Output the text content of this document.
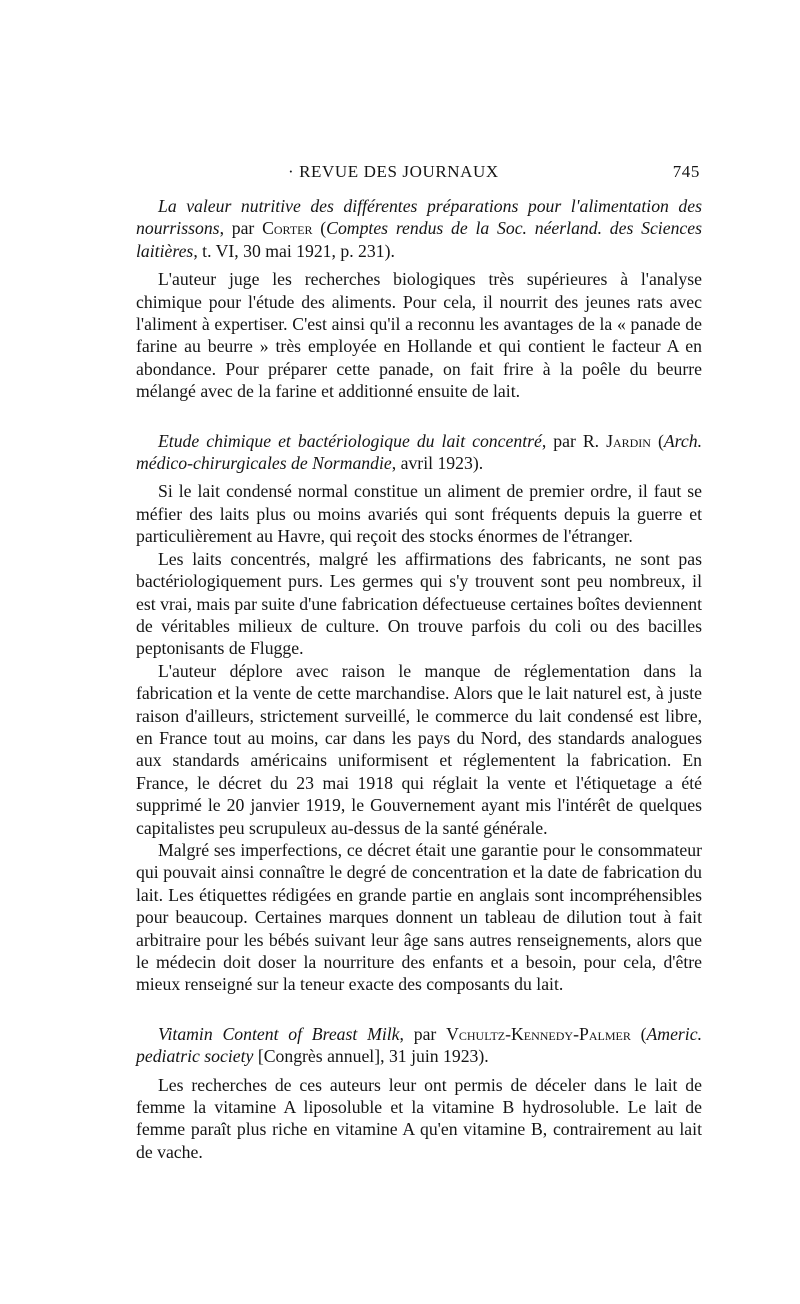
· REVUE DES JOURNAUX	745

La valeur nutritive des différentes préparations pour l'alimentation des nourrissons, par Corter (Comptes rendus de la Soc. néerland. des Sciences laitières, t. VI, 30 mai 1921, p. 231).

L'auteur juge les recherches biologiques très supérieures à l'analyse chimique pour l'étude des aliments. Pour cela, il nourrit des jeunes rats avec l'aliment à expertiser. C'est ainsi qu'il a reconnu les avantages de la « panade de farine au beurre » très employée en Hollande et qui contient le facteur A en abondance. Pour préparer cette panade, on fait frire à la poêle du beurre mélangé avec de la farine et additionné ensuite de lait.

Etude chimique et bactériologique du lait concentré, par R. Jardin (Arch. médico-chirurgicales de Normandie, avril 1923).

Si le lait condensé normal constitue un aliment de premier ordre, il faut se méfier des laits plus ou moins avariés qui sont fréquents depuis la guerre et particulièrement au Havre, qui reçoit des stocks énormes de l'étranger.

Les laits concentrés, malgré les affirmations des fabricants, ne sont pas bactériologiquement purs. Les germes qui s'y trouvent sont peu nombreux, il est vrai, mais par suite d'une fabrication défectueuse certaines boîtes deviennent de véritables milieux de culture. On trouve parfois du coli ou des bacilles peptonisants de Flugge.

L'auteur déplore avec raison le manque de réglementation dans la fabrication et la vente de cette marchandise. Alors que le lait naturel est, à juste raison d'ailleurs, strictement surveillé, le commerce du lait condensé est libre, en France tout au moins, car dans les pays du Nord, des standards analogues aux standards américains uniformisent et réglementent la fabrication. En France, le décret du 23 mai 1918 qui réglait la vente et l'étiquetage a été supprimé le 20 janvier 1919, le Gouvernement ayant mis l'intérêt de quelques capitalistes peu scrupuleux au-dessus de la santé générale.

Malgré ses imperfections, ce décret était une garantie pour le consommateur qui pouvait ainsi connaître le degré de concentration et la date de fabrication du lait. Les étiquettes rédigées en grande partie en anglais sont incompréhensibles pour beaucoup. Certaines marques donnent un tableau de dilution tout à fait arbitraire pour les bébés suivant leur âge sans autres renseignements, alors que le médecin doit doser la nourriture des enfants et a besoin, pour cela, d'être mieux renseigné sur la teneur exacte des composants du lait.

Vitamin Content of Breast Milk, par Vchultz-Kennedy-Palmer (Americ. pediatric society [Congrès annuel], 31 juin 1923).

Les recherches de ces auteurs leur ont permis de déceler dans le lait de femme la vitamine A liposoluble et la vitamine B hydrosoluble. Le lait de femme paraît plus riche en vitamine A qu'en vitamine B, contrairement au lait de vache.
